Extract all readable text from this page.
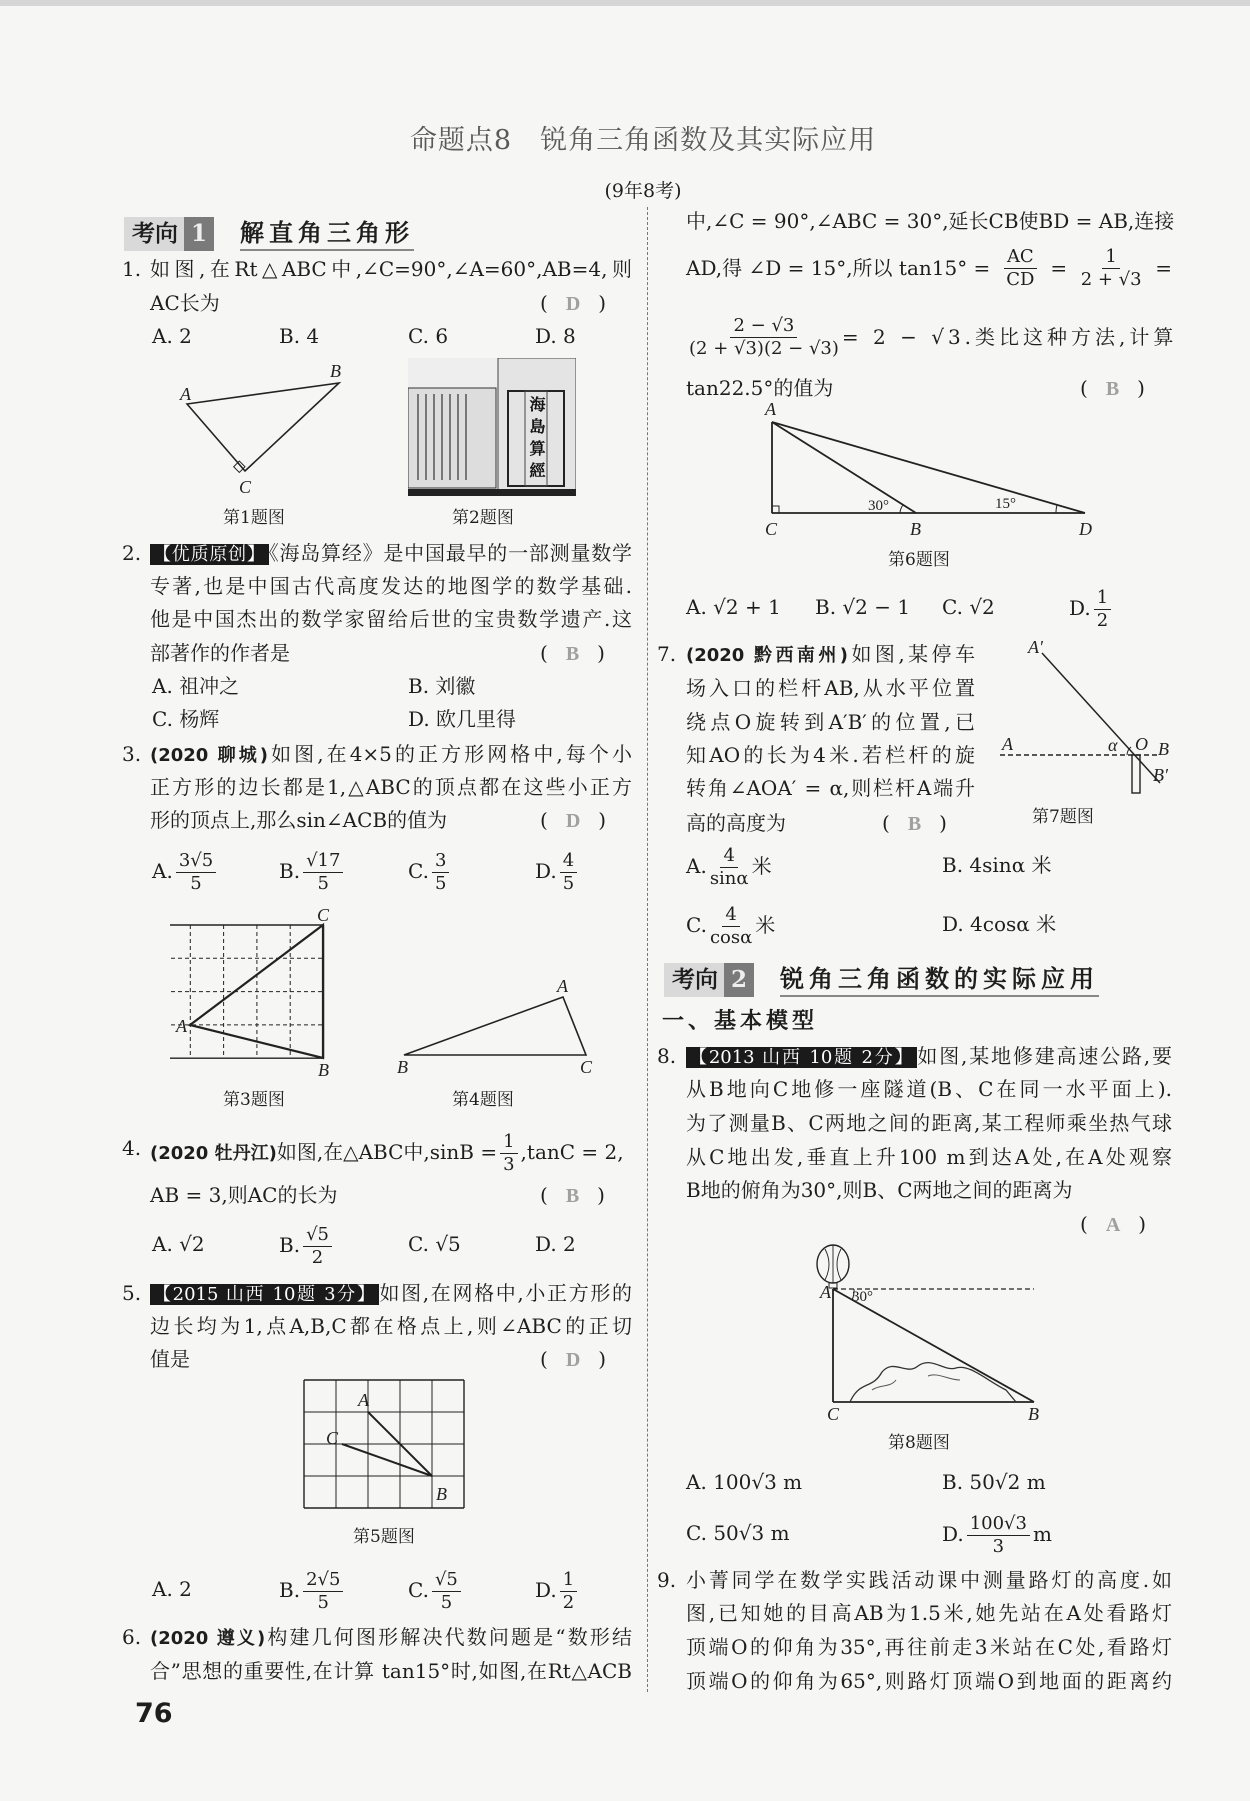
命题点8　锐角三角函数及其实际应用
(9年8考)
考向 1 解直角三角形
1. 如图,在Rt△ABC中,∠C=90°,∠A=60°,AB=4,则
AC长为	( D )
A. 2	B. 4	C. 6	D. 8
A
B
C
第1题图
海島算經
第2题图
2. 【优质原创】 《海岛算经》是中国最早的一部测量数学
专著,也是中国古代高度发达的地图学的数学基础.
他是中国杰出的数学家留给后世的宝贵数学遗产.这
部著作的作者是	( B )
A. 祖冲之	B. 刘徽
C. 杨辉	D. 欧几里得
3. (2020 聊城)如图,在4×5的正方形网格中,每个小
正方形的边长都是1,△ABC的顶点都在这些小正方
形的顶点上,那么sin∠ACB的值为	( D )
A. $\frac{3√5}{5}$	B. $\frac{√17}{5}$	C. $\frac{3}{5}$	D. $\frac{4}{5}$
A
B
C
第3题图
B	C
A
第4题图
4. (2020 牡丹江)如图,在△ABC中$,\sin B = \frac{1}{3} ,\tan C = 2$,
AB = 3,则AC的长为	( B )
A. √2	B. $\frac{√5}{2}$	C. √5	D. 2
5. 【2015 山西 10题 3分】 如图,在网格中,小正方形的
边长均为1,点A,B,C都在格点上,则∠ABC的正切
值是	( D )
A
B
C
第5题图
A. 2	B. $\frac{2√5}{5}$	C. $\frac{√5}{5}$	D. $\frac{1}{2}$
6. (2020 遵义)构建几何图形解决代数问题是“数形结
合”思想的重要性,在计算 tan15°时,如图,在Rt△ACB
中,∠C = 90°,∠ABC = 30°,延长CB使BD = AB,连接
AD,得 ∠D = 15°,所以 $\tan 15^\circ = \frac{AC}{CD} = \frac{1}{2 + √3}$ =
$\frac{2 - √3}{(2 + √3)(2 - √3)} = 2 - √3$.类比这种方法,计算
tan22.5°的值为	( B )
A
C	B	D
30°	15°
第6题图
A. √2 + 1 B. √2 − 1 C. √2	D. $\frac{1}{2}$
7. (2020 黔西南州)如图,某停车
场入口的栏杆AB,从水平位置
绕点O旋转到A′B′的位置,已
知AO的长为4米.若栏杆的旋
转角∠AOA′ = α,则栏杆A端升
高的高度为	( B )
A′
A	α O B
B′
第7题图
A. $\frac{4}{\sin\alpha}$ 米	B. 4sinα 米
C. $\frac{4}{\cos\alpha}$ 米	D. 4cosα 米
考向 2 锐角三角函数的实际应用
一、基本模型
8. 【2013 山西 10题 2分】 如图,某地修建高速公路,要
从B地向C地修一座隧道(B、C在同一水平面上).
为了测量B、C两地之间的距离,某工程师乘坐热气球
从C地出发,垂直上升100 m到达A处,在A处观察
B地的俯角为30°,则B、C两地之间的距离为
( A )
A
C	B
30°
第8题图
A. 100√3 m	B. 50√2 m
C. 50√3 m	D. $\frac{100√3}{3}$ m
9. 小菁同学在数学实践活动课中测量路灯的高度.如
图,已知她的目高AB为1.5米,她先站在A处看路灯
顶端O的仰角为35°,再往前走3米站在C处,看路灯
顶端O的仰角为65°,则路灯顶端O到地面的距离约
76
